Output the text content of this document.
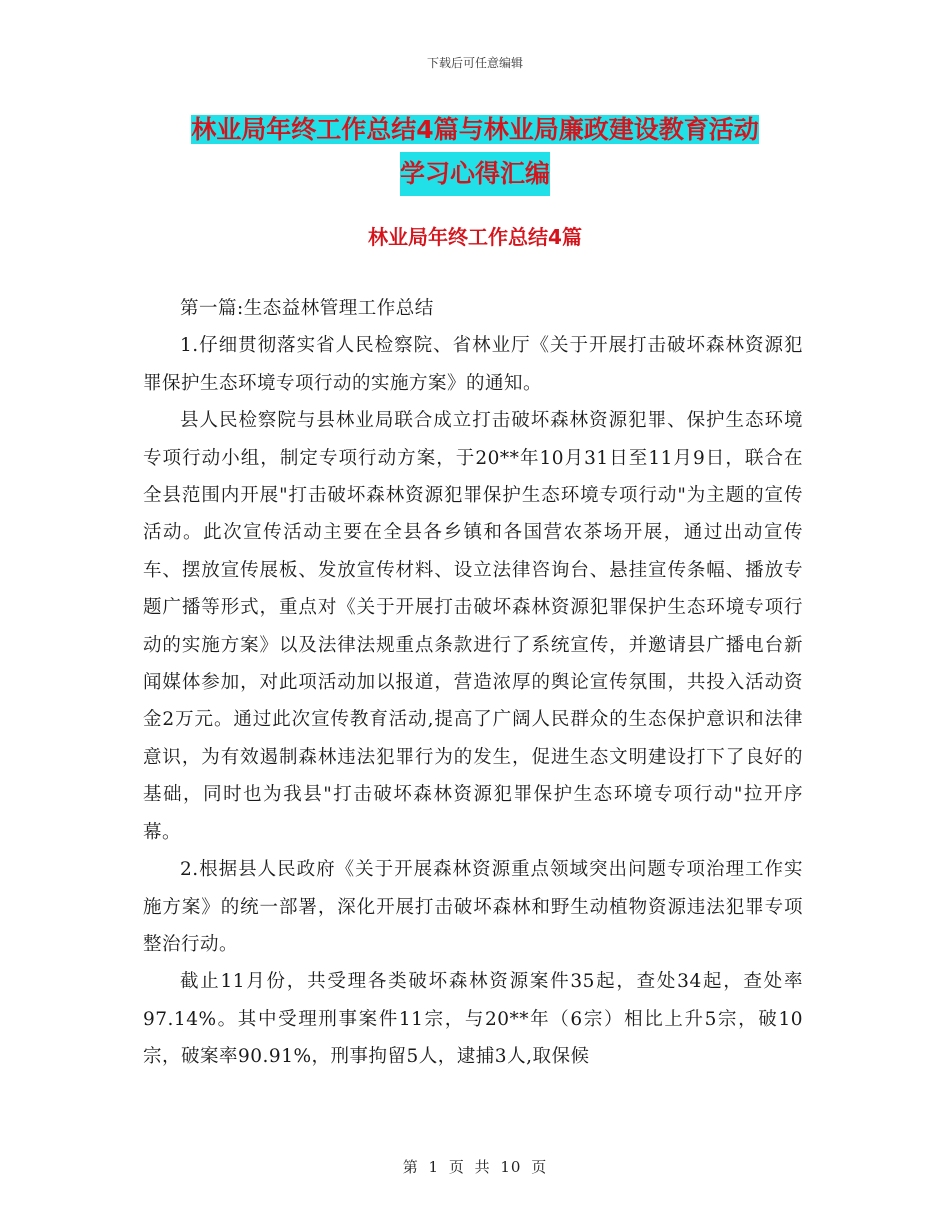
下载后可任意编辑
林业局年终工作总结4篇与林业局廉政建设教育活动
学习心得汇编
林业局年终工作总结4篇

第一篇:生态益林管理工作总结

1.仔细贯彻落实省人民检察院、省林业厅《关于开展打击破坏森林资源犯罪保护生态环境专项行动的实施方案》的通知。

县人民检察院与县林业局联合成立打击破坏森林资源犯罪、保护生态环境专项行动小组，制定专项行动方案，于20**年10月31日至11月9日，联合在全县范围内开展"打击破坏森林资源犯罪保护生态环境专项行动"为主题的宣传活动。此次宣传活动主要在全县各乡镇和各国营农茶场开展，通过出动宣传车、摆放宣传展板、发放宣传材料、设立法律咨询台、悬挂宣传条幅、播放专题广播等形式，重点对《关于开展打击破坏森林资源犯罪保护生态环境专项行动的实施方案》以及法律法规重点条款进行了系统宣传，并邀请县广播电台新闻媒体参加，对此项活动加以报道，营造浓厚的舆论宣传氛围，共投入活动资金2万元。通过此次宣传教育活动,提高了广阔人民群众的生态保护意识和法律意识，为有效遏制森林违法犯罪行为的发生，促进生态文明建设打下了良好的基础，同时也为我县"打击破坏森林资源犯罪保护生态环境专项行动"拉开序幕。

2.根据县人民政府《关于开展森林资源重点领域突出问题专项治理工作实施方案》的统一部署，深化开展打击破坏森林和野生动植物资源违法犯罪专项整治行动。

截止11月份，共受理各类破坏森林资源案件35起，查处34起，查处率97.14%。其中受理刑事案件11宗，与20**年（6宗）相比上升5宗，破10宗，破案率90.91%，刑事拘留5人，逮捕3人,取保候

第 1 页 共 10 页
